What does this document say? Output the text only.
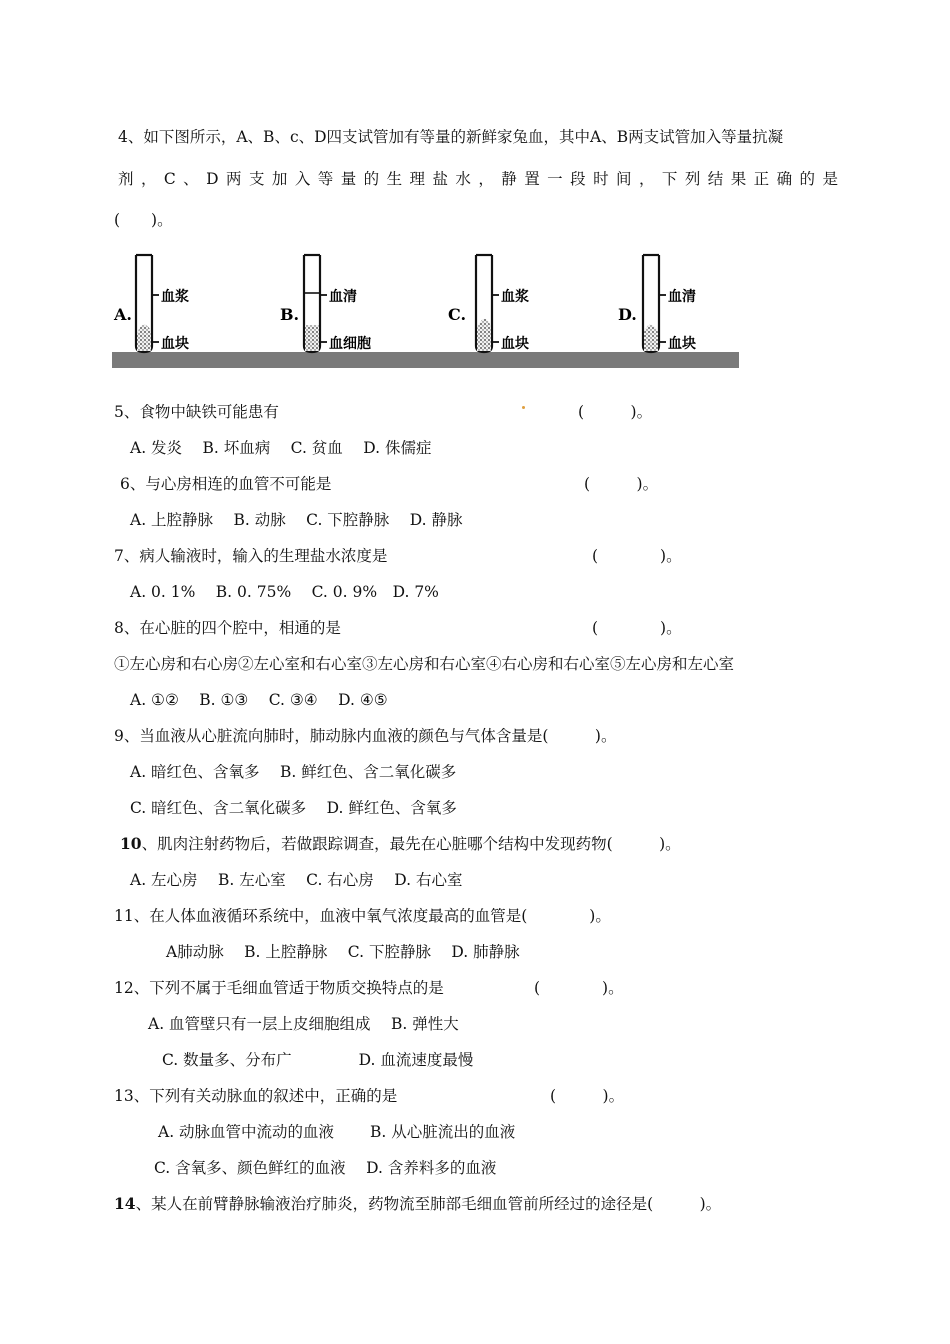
4、如下图所示，A、B、c、D四支试管加有等量的新鲜家兔血，其中A、B两支试管加入等量抗凝
剂，C、D两支加入等量的生理盐水，静置一段时间，下列结果正确的是
(　　)。
A.
血浆
血块
B.
血清
血细胞
C.
血浆
血块
D.
血清
血块
5、食物中缺铁可能患有	(　　　)。
A. 发炎　 B. 坏血病　 C. 贫血　 D. 侏儒症
6、与心房相连的血管不可能是	(　　　)。
A. 上腔静脉　 B. 动脉　 C. 下腔静脉　 D. 静脉
7、病人输液时，输入的生理盐水浓度是	(　　　　)。
A. 0. 1%　 B. 0. 75%　 C. 0. 9%　D. 7%
8、在心脏的四个腔中，相通的是	(　　　　)。
①左心房和右心房②左心室和右心室③左心房和右心室④右心房和右心室⑤左心房和左心室
A. ①②　 B. ①③　 C. ③④　 D. ④⑤
9、当血液从心脏流向肺时，肺动脉内血液的颜色与气体含量是(　　　)。
A. 暗红色、含氧多　 B. 鲜红色、含二氧化碳多
C. 暗红色、含二氧化碳多　 D. 鲜红色、含氧多
10、肌肉注射药物后，若做跟踪调查，最先在心脏哪个结构中发现药物(　　　)。
A. 左心房　 B. 左心室　 C. 右心房　 D. 右心室
11、在人体血液循环系统中，血液中氧气浓度最高的血管是(　　　　)。
A肺动脉　 B. 上腔静脉　 C. 下腔静脉　 D. 肺静脉
12、下列不属于毛细血管适于物质交换特点的是	(　　　　)。
A. 血管壁只有一层上皮细胞组成　 B. 弹性大
C. 数量多、分布广　　　　 D. 血流速度最慢
13、下列有关动脉血的叙述中，正确的是	(　　　)。
A. 动脉血管中流动的血液　　 B. 从心脏流出的血液
C. 含氧多、颜色鲜红的血液　 D. 含养料多的血液
14、某人在前臂静脉输液治疗肺炎，药物流至肺部毛细血管前所经过的途径是(　　　)。
